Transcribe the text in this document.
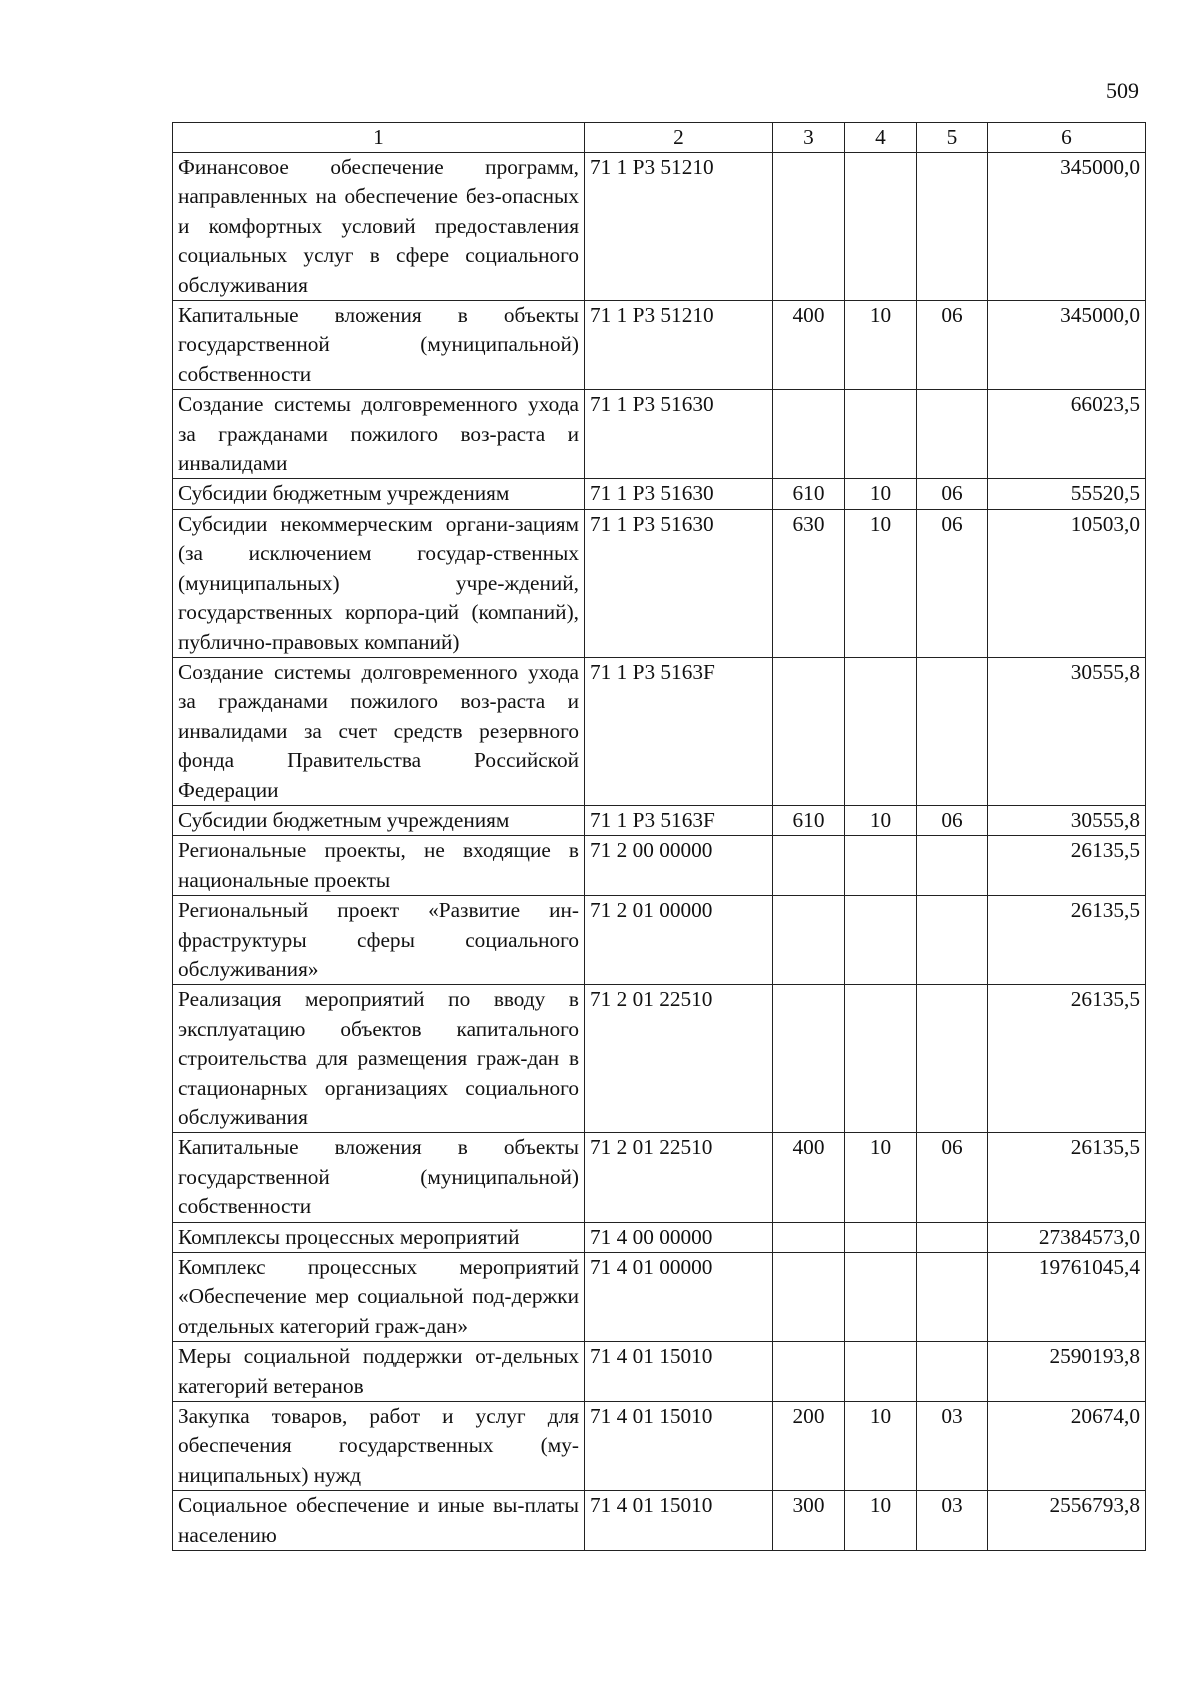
509
1	2	3	4	5	6
Финансовое обеспечение программ, направленных на обеспечение без-опасных и комфортных условий предоставления социальных услуг в сфере социального обслуживания	71 1 Р3 51210				345000,0
Капитальные вложения в объекты государственной (муниципальной) собственности	71 1 Р3 51210	400	10	06	345000,0
Создание системы долговременного ухода за гражданами пожилого воз-раста и инвалидами	71 1 Р3 51630				66023,5
Субсидии бюджетным учреждениям	71 1 Р3 51630	610	10	06	55520,5
Субсидии некоммерческим органи-зациям (за исключением государ-ственных (муниципальных) учре-ждений, государственных корпора-ций (компаний), публично-правовых компаний)	71 1 Р3 51630	630	10	06	10503,0
Создание системы долговременного ухода за гражданами пожилого воз-раста и инвалидами за счет средств резервного фонда Правительства Российской Федерации	71 1 Р3 5163F				30555,8
Субсидии бюджетным учреждениям	71 1 Р3 5163F	610	10	06	30555,8
Региональные проекты, не входящие в национальные проекты	71 2 00 00000				26135,5
Региональный проект «Развитие ин-фраструктуры сферы социального обслуживания»	71 2 01 00000				26135,5
Реализация мероприятий по вводу в эксплуатацию объектов капитального строительства для размещения граж-дан в стационарных организациях социального обслуживания	71 2 01 22510				26135,5
Капитальные вложения в объекты государственной (муниципальной) собственности	71 2 01 22510	400	10	06	26135,5
Комплексы процессных мероприятий	71 4 00 00000				27384573,0
Комплекс процессных мероприятий «Обеспечение мер социальной под-держки отдельных категорий граж-дан»	71 4 01 00000				19761045,4
Меры социальной поддержки от-дельных категорий ветеранов	71 4 01 15010				2590193,8
Закупка товаров, работ и услуг для обеспечения государственных (му-ниципальных) нужд	71 4 01 15010	200	10	03	20674,0
Социальное обеспечение и иные вы-платы населению	71 4 01 15010	300	10	03	2556793,8
